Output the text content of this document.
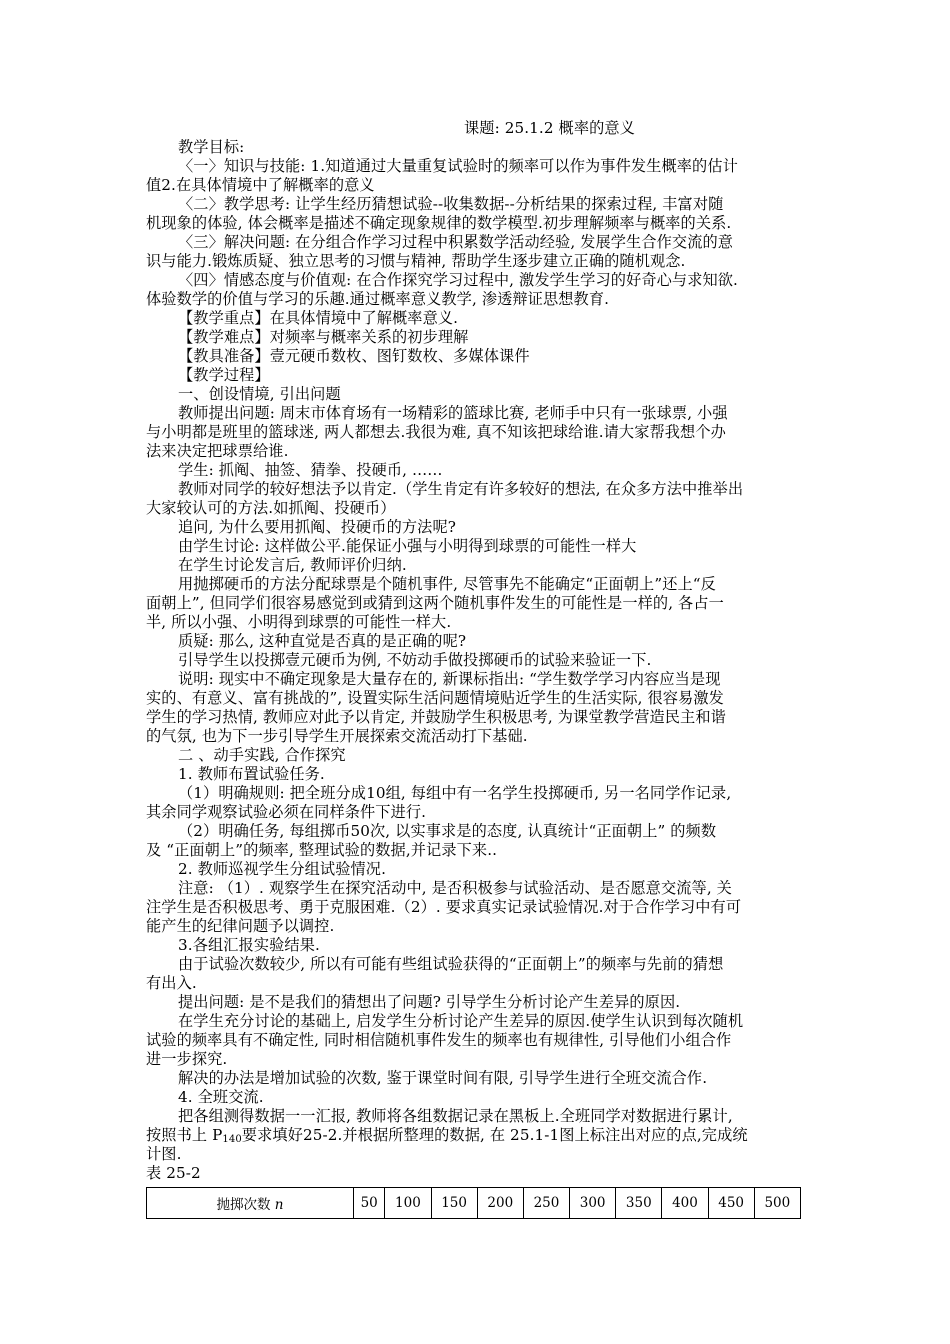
课题: 25.1.2 概率的意义
教学目标:
〈一〉知识与技能: 1.知道通过大量重复试验时的频率可以作为事件发生概率的估计
值2.在具体情境中了解概率的意义
〈二〉教学思考: 让学生经历猜想试验--收集数据--分析结果的探索过程, 丰富对随
机现象的体验, 体会概率是描述不确定现象规律的数学模型.初步理解频率与概率的关系.
〈三〉解决问题: 在分组合作学习过程中积累数学活动经验, 发展学生合作交流的意
识与能力.锻炼质疑、独立思考的习惯与精神, 帮助学生逐步建立正确的随机观念.
〈四〉情感态度与价值观: 在合作探究学习过程中, 激发学生学习的好奇心与求知欲.
体验数学的价值与学习的乐趣.通过概率意义教学, 渗透辩证思想教育.
【教学重点】在具体情境中了解概率意义.
【教学难点】对频率与概率关系的初步理解
【教具准备】壹元硬币数枚、图钉数枚、多媒体课件
【教学过程】
一、创设情境, 引出问题
教师提出问题: 周末市体育场有一场精彩的篮球比赛, 老师手中只有一张球票, 小强
与小明都是班里的篮球迷, 两人都想去.我很为难, 真不知该把球给谁.请大家帮我想个办
法来决定把球票给谁.
学生: 抓阄、抽签、猜拳、投硬币, ……
教师对同学的较好想法予以肯定.（学生肯定有许多较好的想法, 在众多方法中推举出
大家较认可的方法.如抓阄、投硬币）
追问, 为什么要用抓阄、投硬币的方法呢?
由学生讨论: 这样做公平.能保证小强与小明得到球票的可能性一样大
在学生讨论发言后, 教师评价归纳.
用抛掷硬币的方法分配球票是个随机事件, 尽管事先不能确定“正面朝上”还上“反
面朝上”, 但同学们很容易感觉到或猜到这两个随机事件发生的可能性是一样的, 各占一
半, 所以小强、小明得到球票的可能性一样大.
质疑: 那么, 这种直觉是否真的是正确的呢?
引导学生以投掷壹元硬币为例, 不妨动手做投掷硬币的试验来验证一下.
说明: 现实中不确定现象是大量存在的, 新课标指出: “学生数学学习内容应当是现
实的、有意义、富有挑战的”, 设置实际生活问题情境贴近学生的生活实际, 很容易激发
学生的学习热情, 教师应对此予以肯定, 并鼓励学生积极思考, 为课堂教学营造民主和谐
的气氛, 也为下一步引导学生开展探索交流活动打下基础.
二 、动手实践, 合作探究
1. 教师布置试验任务.
（1）明确规则: 把全班分成10组, 每组中有一名学生投掷硬币, 另一名同学作记录,
其余同学观察试验必须在同样条件下进行.
（2）明确任务, 每组掷币50次, 以实事求是的态度, 认真统计“正面朝上” 的频数
及 “正面朝上”的频率, 整理试验的数据,并记录下来..
2. 教师巡视学生分组试验情况.
注意: （1）. 观察学生在探究活动中, 是否积极参与试验活动、是否愿意交流等, 关
注学生是否积极思考、勇于克服困难.（2）. 要求真实记录试验情况.对于合作学习中有可
能产生的纪律问题予以调控.
3.各组汇报实验结果.
由于试验次数较少, 所以有可能有些组试验获得的“正面朝上”的频率与先前的猜想
有出入.
提出问题: 是不是我们的猜想出了问题? 引导学生分析讨论产生差异的原因.
在学生充分讨论的基础上, 启发学生分析讨论产生差异的原因.使学生认识到每次随机
试验的频率具有不确定性, 同时相信随机事件发生的频率也有规律性, 引导他们小组合作
进一步探究.
解决的办法是增加试验的次数, 鉴于课堂时间有限, 引导学生进行全班交流合作.
4. 全班交流.
把各组测得数据一一汇报, 教师将各组数据记录在黑板上.全班同学对数据进行累计,
按照书上 $P_{140}$要求填好25-2.并根据所整理的数据, 在 25.1-1图上标注出对应的点,完成统
计图.
表 25-2
抛掷次数 n	50	100	150	200	250	300	350	400	450	500
